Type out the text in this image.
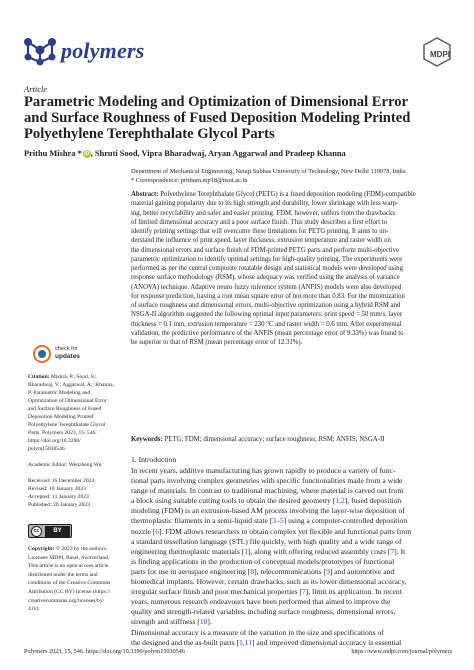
polymers	MDPI
Article
Parametric Modeling and Optimization of Dimensional Error
and Surface Roughness of Fused Deposition Modeling Printed
Polyethylene Terephthalate Glycol Parts
Prithu Mishra * iD , Shruti Sood, Vipra Bharadwaj, Aryan Aggarwal and Pradeep Khanna
Department of Mechanical Engineering, Netaji Subhas University of Technology, New Delhi 110078, India
* Correspondence: prithum.mp18@nsut.ac.in
Abstract: Polyethylene Terephthalate Glycol (PETG) is a fused deposition modeling (FDM)-compatible
material gaining popularity due to its high strength and durability, lower shrinkage with less warp-
ing, better recyclability and safer and easier printing. FDM, however, suffers from the drawbacks
of limited dimensional accuracy and a poor surface finish. This study describes a first effort to
identify printing settings that will overcome these limitations for PETG printing. It aims to un-
derstand the influence of print speed, layer thickness, extrusion temperature and raster width on
the dimensional errors and surface finish of FDM-printed PETG parts and perform multi-objective
parametric optimization to identify optimal settings for high-quality printing. The experiments were
performed as per the central composite rotatable design and statistical models were developed using
response surface methodology (RSM), whose adequacy was verified using the analysis of variance
(ANOVA) technique. Adaptive neuro fuzzy inference system (ANFIS) models were also developed
for response prediction, having a root mean square error of not more than 0.83. For the minimization
of surface roughness and dimensional errors, multi-objective optimization using a hybrid RSM and
NSGA-II algorithm suggested the following optimal input parameters: print speed = 50 mm/s, layer
thickness = 0.1 mm, extrusion temperature = 230 °C and raster width = 0.6 mm. After experimental
validation, the predictive performance of the ANFIS (mean percentage error of 9.33%) was found to
be superior to that of RSM (mean percentage error of 12.31%).
Keywords: PETG; FDM; dimensional accuracy; surface roughness; RSM; ANFIS; NSGA-II
1. Introduction
In recent years, additive manufacturing has grown rapidly to produce a variety of func-
tional parts involving complex geometries with specific functionalities made from a wide
range of materials. In contrast to traditional machining, where material is carved out from
a block using suitable cutting tools to obtain the desired geometry [1,2], fused deposition
modeling (FDM) is an extrusion-based AM process involving the layer-wise deposition of
thermoplastic filaments in a semi-liquid state [3–5] using a computer-controlled deposition
nozzle [6]. FDM allows researchers to obtain complex yet flexible and functional parts from
a standard tessellation language (STL) file quickly, with high quality and a wide range of
engineering thermoplastic materials [1], along with offering reduced assembly costs [7]. It
is finding applications in the production of conceptual models/prototypes of functional
parts for use in aerospace engineering [8], telecommunications [9] and automotive and
biomedical implants. However, certain drawbacks, such as its lower dimensional accuracy,
irregular surface finish and poor mechanical properties [7], limit its application. In recent
years, numerous research endeavours have been performed that aimed to improve the
quality and strength-related variables, including surface roughness, dimensional errors,
strength and stiffness [10].
Dimensional accuracy is a measure of the variation in the size and specifications of
the designed and the as-built parts [1,11] and improved dimensional accuracy is essential
check for
updates
Citation: Mishra, P.; Sood, S.;
Bharadwaj, V.; Aggarwal, A.; Khanna,
P. Parametric Modeling and
Optimization of Dimensional Error
and Surface Roughness of Fused
Deposition Modeling Printed
Polyethylene Terephthalate Glycol
Parts. Polymers 2023, 15, 546.
https://doi.org/10.3390/
polym15030546
Academic Editor: Wenzheng Wu
Received: 16 December 2022
Revised: 10 January 2023
Accepted: 11 January 2023
Published: 20 January 2023
cc	BY
Copyright: © 2023 by the authors.
Licensee MDPI, Basel, Switzerland.
This article is an open access article
distributed under the terms and
conditions of the Creative Commons
Attribution (CC BY) license (https://
creativecommons.org/licenses/by/
4.0/).
Polymers 2023, 15, 546. https://doi.org/10.3390/polym15030546	https://www.mdpi.com/journal/polymers
